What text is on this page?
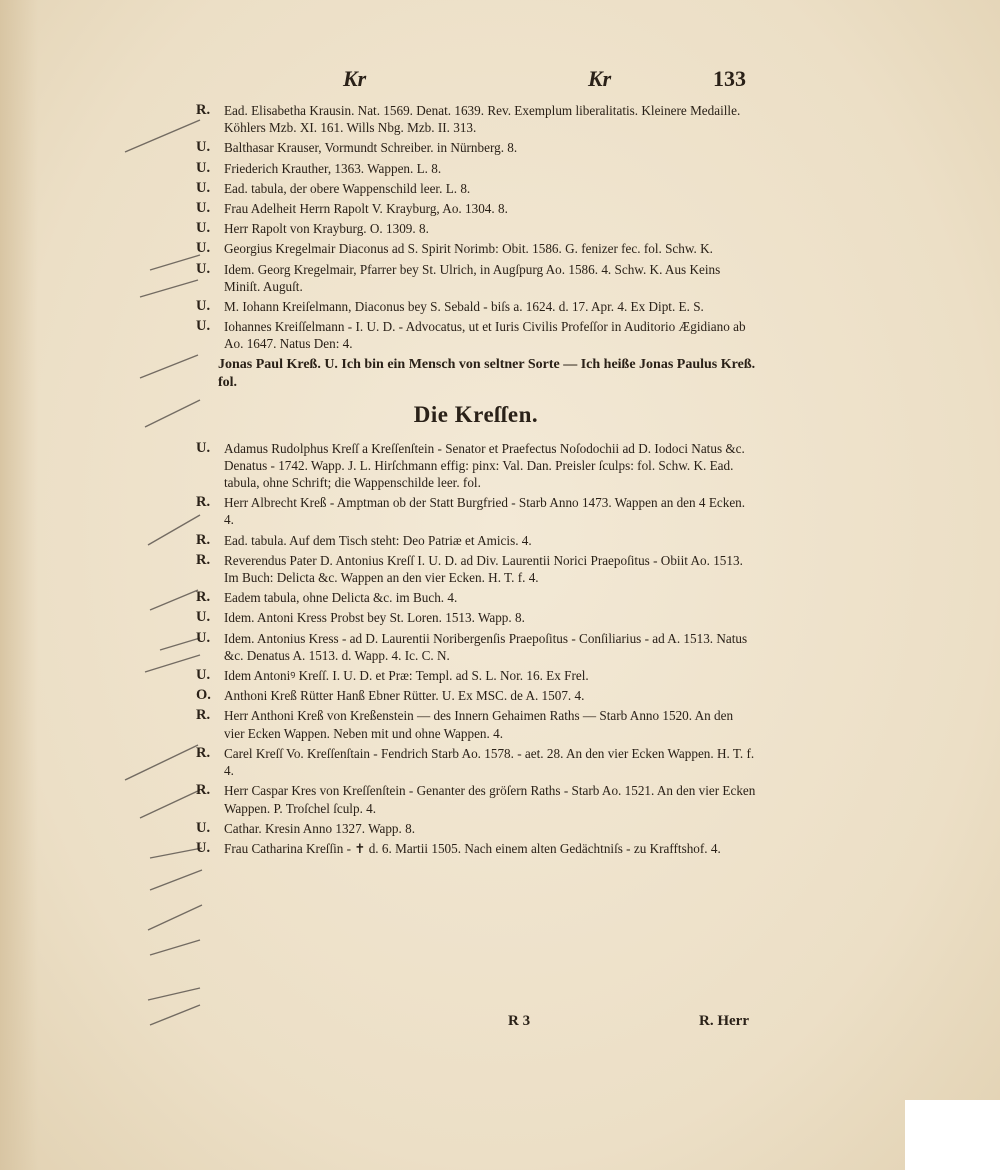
Kr	Kr	133
R. Ead. Elisabetha Krausin. Nat. 1569. Denat. 1639. Rev. Exemplum liberalitatis. Kleinere Medaille. Köhlers Mzb. XI. 161. Wills Nbg. Mzb. II. 313.
U. Balthasar Krauser, Vormundt Schreiber. in Nürnberg. 8.
U. Friederich Krauther, 1363. Wappen. L. 8.
U. Ead. tabula, der obere Wappenschild leer. L. 8.
U. Frau Adelheit Herrn Rapolt V. Krayburg, Ao. 1304. 8.
U. Herr Rapolt von Krayburg. O. 1309. 8.
U. Georgius Kregelmair Diaconus ad S. Spirit Norimb: Obit. 1586. G. fenizer fec. fol. Schw. K.
U. Idem. Georg Kregelmair, Pfarrer bey St. Ulrich, in Augſpurg Ao. 1586. 4. Schw. K. Aus Keins Miniſt. Auguſt.
U. M. Iohann Kreiſelmann, Diaconus bey S. Sebald - biſs a. 1624. d. 17. Apr. 4. Ex Dipt. E. S.
U. Iohannes Kreiſſelmann - I. U. D. - Advocatus, ut et Iuris Civilis Profeſſor in Auditorio Ægidiano ab Ao. 1647. Natus Den: 4.
Jonas Paul Kreß. U. Ich bin ein Mensch von seltner Sorte — Ich heiße Jonas Paulus Kreß. fol.
Die Kreſſen.
U. Adamus Rudolphus Kreſſ a Kreſſenſtein - Senator et Praefectus Noſodochii ad D. Iodoci Natus &c. Denatus - 1742. Wapp. J. L. Hirſchmann effig: pinx: Val. Dan. Preisler ſculps: fol. Schw. K. Ead. tabula, ohne Schrift; die Wappenschilde leer. fol.
R. Herr Albrecht Kreß - Amptman ob der Statt Burgfried - Starb Anno 1473. Wappen an den 4 Ecken. 4.
R. Ead. tabula. Auf dem Tisch steht: Deo Patriæ et Amicis. 4.
R. Reverendus Pater D. Antonius Kreſſ I. U. D. ad Div. Laurentii Norici Praepoſitus - Obiit Ao. 1513. Im Buch: Delicta &c. Wappen an den vier Ecken. H. T. f. 4.
R. Eadem tabula, ohne Delicta &c. im Buch. 4.
U. Idem. Antoni Kress Probst bey St. Loren. 1513. Wapp. 8.
U. Idem. Antonius Kress - ad D. Laurentii Noribergenſis Praepoſitus - Conſiliarius - ad A. 1513. Natus &c. Denatus A. 1513. d. Wapp. 4. Ic. C. N.
U. Idem Antoniꝰ Kreſſ. I. U. D. et Præ: Templ. ad S. L. Nor. 16. Ex Frel.
O. Anthoni Kreß Rütter Hanß Ebner Rütter. U. Ex MSC. de A. 1507. 4.
R. Herr Anthoni Kreß von Kreßenstein — des Innern Gehaimen Raths — Starb Anno 1520. An den vier Ecken Wappen. Neben mit und ohne Wappen. 4.
R. Carel Kreſſ Vo. Kreſſenſtain - Fendrich Starb Ao. 1578. - aet. 28. An den vier Ecken Wappen. H. T. f. 4.
R. Herr Caspar Kres von Kreſſenſtein - Genanter des gröſern Raths - Starb Ao. 1521. An den vier Ecken Wappen. P. Troſchel ſculp. 4.
U. Cathar. Kresin Anno 1327. Wapp. 8.
U. Frau Catharina Kreſſin - ✝ d. 6. Martii 1505. Nach einem alten Gedächtniſs - zu Krafftshof. 4.
R 3	R. Herr
